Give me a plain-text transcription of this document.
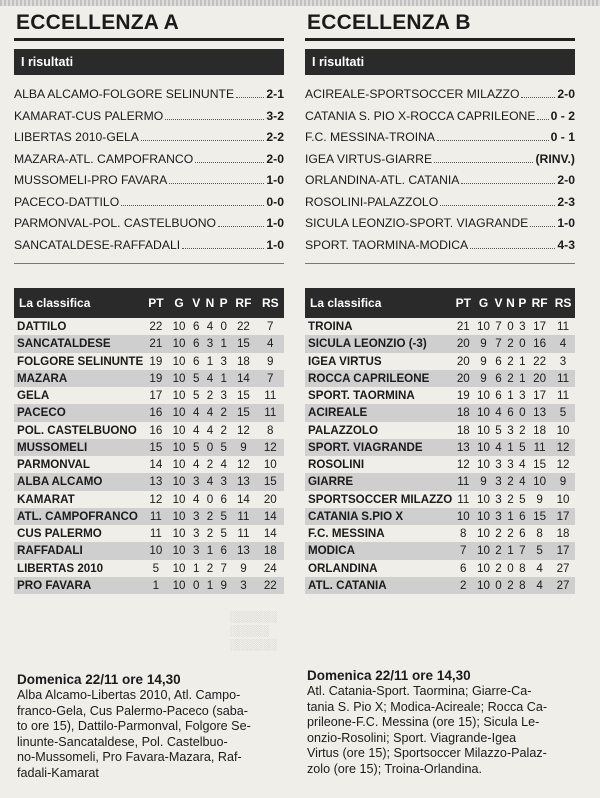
ECCELLENZA A
I risultati
ALBA ALCAMO-FOLGORE SELINUNTE	2-1
KAMARAT-CUS PALERMO	3-2
LIBERTAS 2010-GELA	2-2
MAZARA-ATL. CAMPOFRANCO	2-0
MUSSOMELI-PRO FAVARA	1-0
PACECO-DATTILO	0-0
PARMONVAL-POL. CASTELBUONO	1-0
SANCATALDESE-RAFFADALI	1-0
La classifica	PT	G	V	N	P	RF	RS
DATTILO	22	10	6	4	0	22	7
SANCATALDESE	21	10	6	3	1	15	4
FOLGORE SELINUNTE	19	10	6	1	3	18	9
MAZARA	19	10	5	4	1	14	7
GELA	17	10	5	2	3	15	11
PACECO	16	10	4	4	2	15	11
POL. CASTELBUONO	16	10	4	4	2	12	8
MUSSOMELI	15	10	5	0	5	9	12
PARMONVAL	14	10	4	2	4	12	10
ALBA ALCAMO	13	10	3	4	3	13	15
KAMARAT	12	10	4	0	6	14	20
ATL. CAMPOFRANCO	11	10	3	2	5	11	14
CUS PALERMO	11	10	3	2	5	11	14
RAFFADALI	10	10	3	1	6	13	18
LIBERTAS 2010	5	10	1	2	7	9	24
PRO FAVARA	1	10	0	1	9	3	22
ECCELLENZA B
I risultati
ACIREALE-SPORTSOCCER MILAZZO	2-0
CATANIA S. PIO X-ROCCA CAPRILEONE 0 - 2
F.C. MESSINA-TROINA	0 - 1
IGEA VIRTUS-GIARRE	(RINV.)
ORLANDINA-ATL. CATANIA	2-0
ROSOLINI-PALAZZOLO	2-3
SICULA LEONZIO-SPORT. VIAGRANDE 1-0
SPORT. TAORMINA-MODICA	4-3
La classifica	PT	G	V	N	P	RF	RS
TROINA	21	10	7	0	3	17	11
SICULA LEONZIO (-3)	20	9	7	2	0	16	4
IGEA VIRTUS	20	9	6	2	1	22	3
ROCCA CAPRILEONE	20	9	6	2	1	20	11
SPORT. TAORMINA	19	10	6	1	3	17	11
ACIREALE	18	10	4	6	0	13	5
PALAZZOLO	18	10	5	3	2	18	10
SPORT. VIAGRANDE	13	10	4	1	5	11	12
ROSOLINI	12	10	3	3	4	15	12
GIARRE	11	9	3	2	4	10	9
SPORTSOCCER MILAZZO	11	10	3	2	5	9	10
CATANIA S.PIO X	10	10	3	1	6	15	17
F.C. MESSINA	8	10	2	2	6	8	18
MODICA	7	10	2	1	7	5	17
ORLANDINA	6	10	2	0	8	4	27
ATL. CATANIA	2	10	0	2	8	4	27
░░░░░░
░░░░░
░░░░░░
Domenica 22/11 ore 14,30
Alba Alcamo-Libertas 2010, Atl. Campo-
franco-Gela, Cus Palermo-Paceco (saba-
to ore 15), Dattilo-Parmonval, Folgore Se-
linunte-Sancataldese, Pol. Castelbuo-
no-Mussomeli, Pro Favara-Mazara, Raf-
fadali-Kamarat
Domenica 22/11 ore 14,30
Atl. Catania-Sport. Taormina; Giarre-Ca-
tania S. Pio X; Modica-Acireale; Rocca Ca-
prileone-F.C. Messina (ore 15); Sicula Le-
onzio-Rosolini; Sport. Viagrande-Igea
Virtus (ore 15); Sportsoccer Milazzo-Palaz-
zolo (ore 15); Troina-Orlandina.
